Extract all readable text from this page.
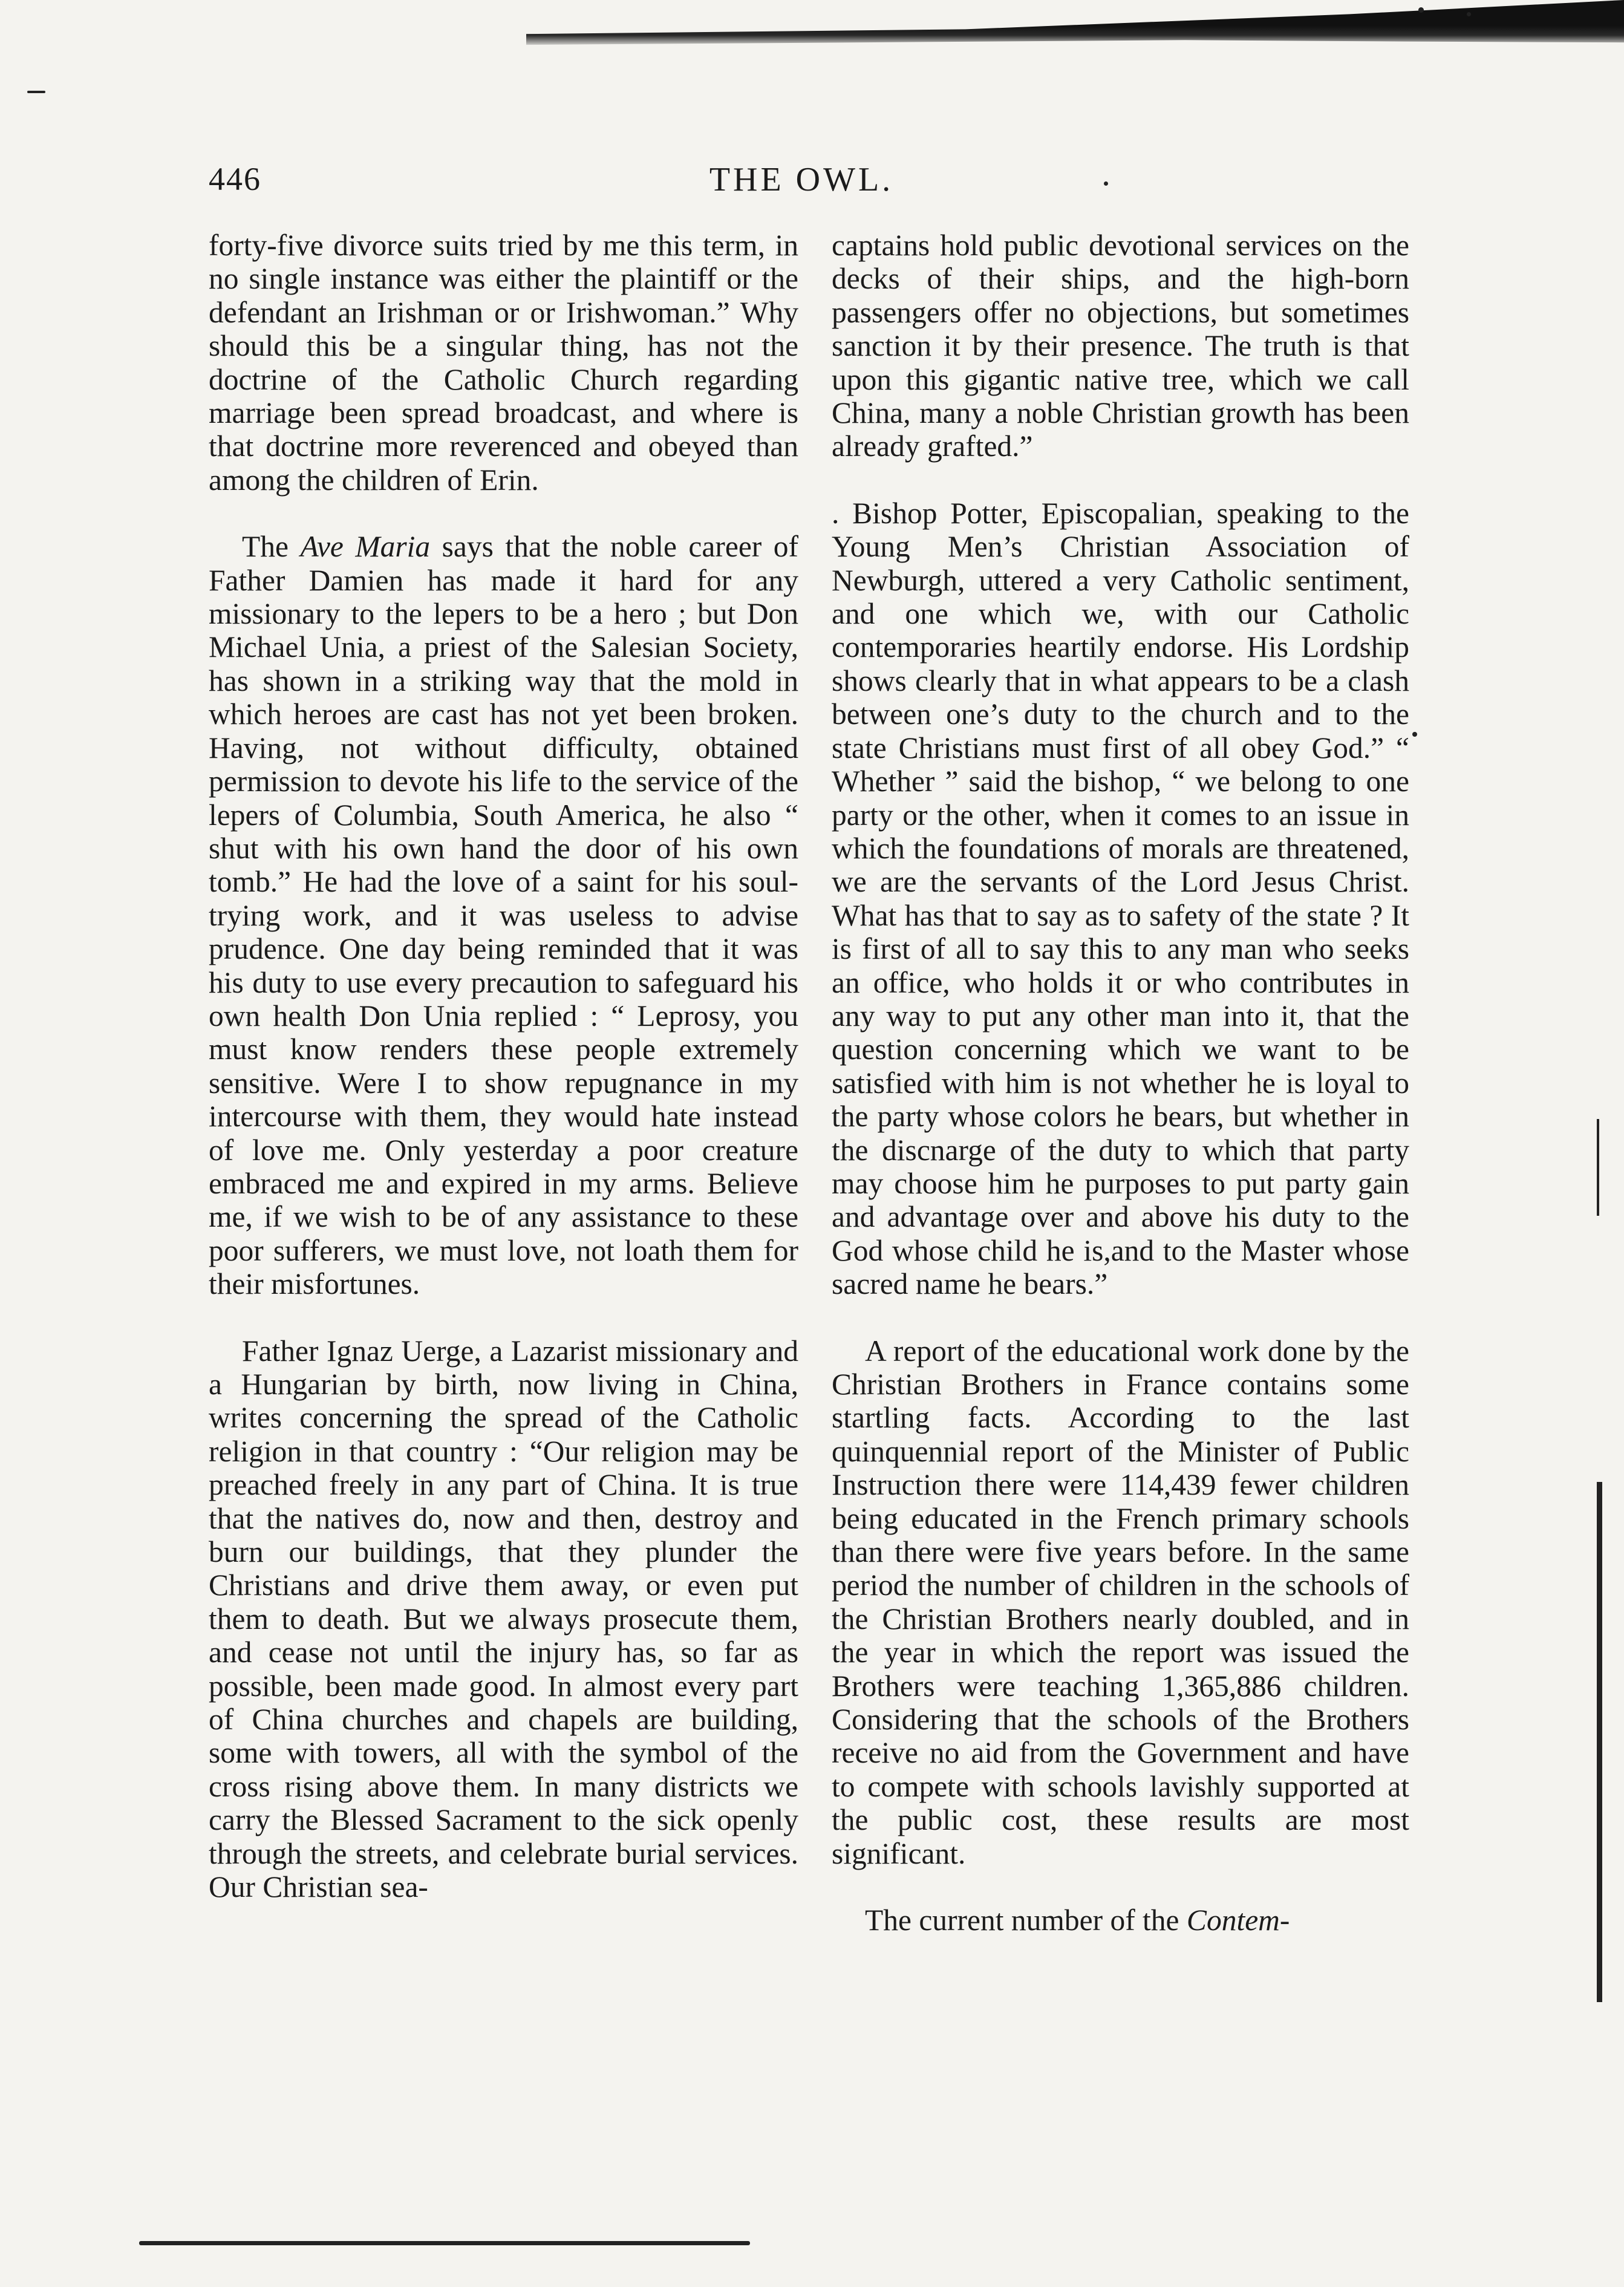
THE OWL.
446

forty-five divorce suits tried by me this term, in no single instance was either the plaintiff or the defendant an Irishman or or Irishwoman.” Why should this be a singular thing, has not the doctrine of the Catholic Church regarding marriage been spread broadcast, and where is that doctrine more reverenced and obeyed than among the children of Erin.

The Ave Maria says that the noble career of Father Damien has made it hard for any missionary to the lepers to be a hero ; but Don Michael Unia, a priest of the Salesian Society, has shown in a striking way that the mold in which heroes are cast has not yet been broken. Having, not without difficulty, obtained permission to devote his life to the service of the lepers of Columbia, South America, he also “ shut with his own hand the door of his own tomb.” He had the love of a saint for his soul-trying work, and it was useless to advise prudence. One day being reminded that it was his duty to use every precaution to safeguard his own health Don Unia replied : “ Leprosy, you must know renders these people extremely sensitive. Were I to show repugnance in my intercourse with them, they would hate instead of love me. Only yesterday a poor creature embraced me and expired in my arms. Believe me, if we wish to be of any assistance to these poor sufferers, we must love, not loath them for their misfortunes.

Father Ignaz Uerge, a Lazarist missionary and a Hungarian by birth, now living in China, writes concerning the spread of the Catholic religion in that country : “Our religion may be preached freely in any part of China. It is true that the natives do, now and then, destroy and burn our buildings, that they plunder the Christians and drive them away, or even put them to death. But we always prosecute them, and cease not until the injury has, so far as possible, been made good. In almost every part of China churches and chapels are building, some with towers, all with the symbol of the cross rising above them. In many districts we carry the Blessed Sacrament to the sick openly through the streets, and celebrate burial services. Our Christian sea-

captains hold public devotional services on the decks of their ships, and the high-born passengers offer no objections, but sometimes sanction it by their presence. The truth is that upon this gigantic native tree, which we call China, many a noble Christian growth has been already grafted.”

. Bishop Potter, Episcopalian, speaking to the Young Men’s Christian Association of Newburgh, uttered a very Catholic sentiment, and one which we, with our Catholic contemporaries heartily endorse. His Lordship shows clearly that in what appears to be a clash between one’s duty to the church and to the state Christians must first of all obey God.” “ Whether ” said the bishop, “ we belong to one party or the other, when it comes to an issue in which the foundations of morals are threatened, we are the servants of the Lord Jesus Christ. What has that to say as to safety of the state ? It is first of all to say this to any man who seeks an office, who holds it or who contributes in any way to put any other man into it, that the question concerning which we want to be satisfied with him is not whether he is loyal to the party whose colors he bears, but whether in the discnarge of the duty to which that party may choose him he purposes to put party gain and advantage over and above his duty to the God whose child he is,and to the Master whose sacred name he bears.”

A report of the educational work done by the Christian Brothers in France contains some startling facts. According to the last quinquennial report of the Minister of Public Instruction there were 114,439 fewer children being educated in the French primary schools than there were five years before. In the same period the number of children in the schools of the Christian Brothers nearly doubled, and in the year in which the report was issued the Brothers were teaching 1,365,886 children. Considering that the schools of the Brothers receive no aid from the Government and have to compete with schools lavishly supported at the public cost, these results are most significant.

The current number of the Contem-
